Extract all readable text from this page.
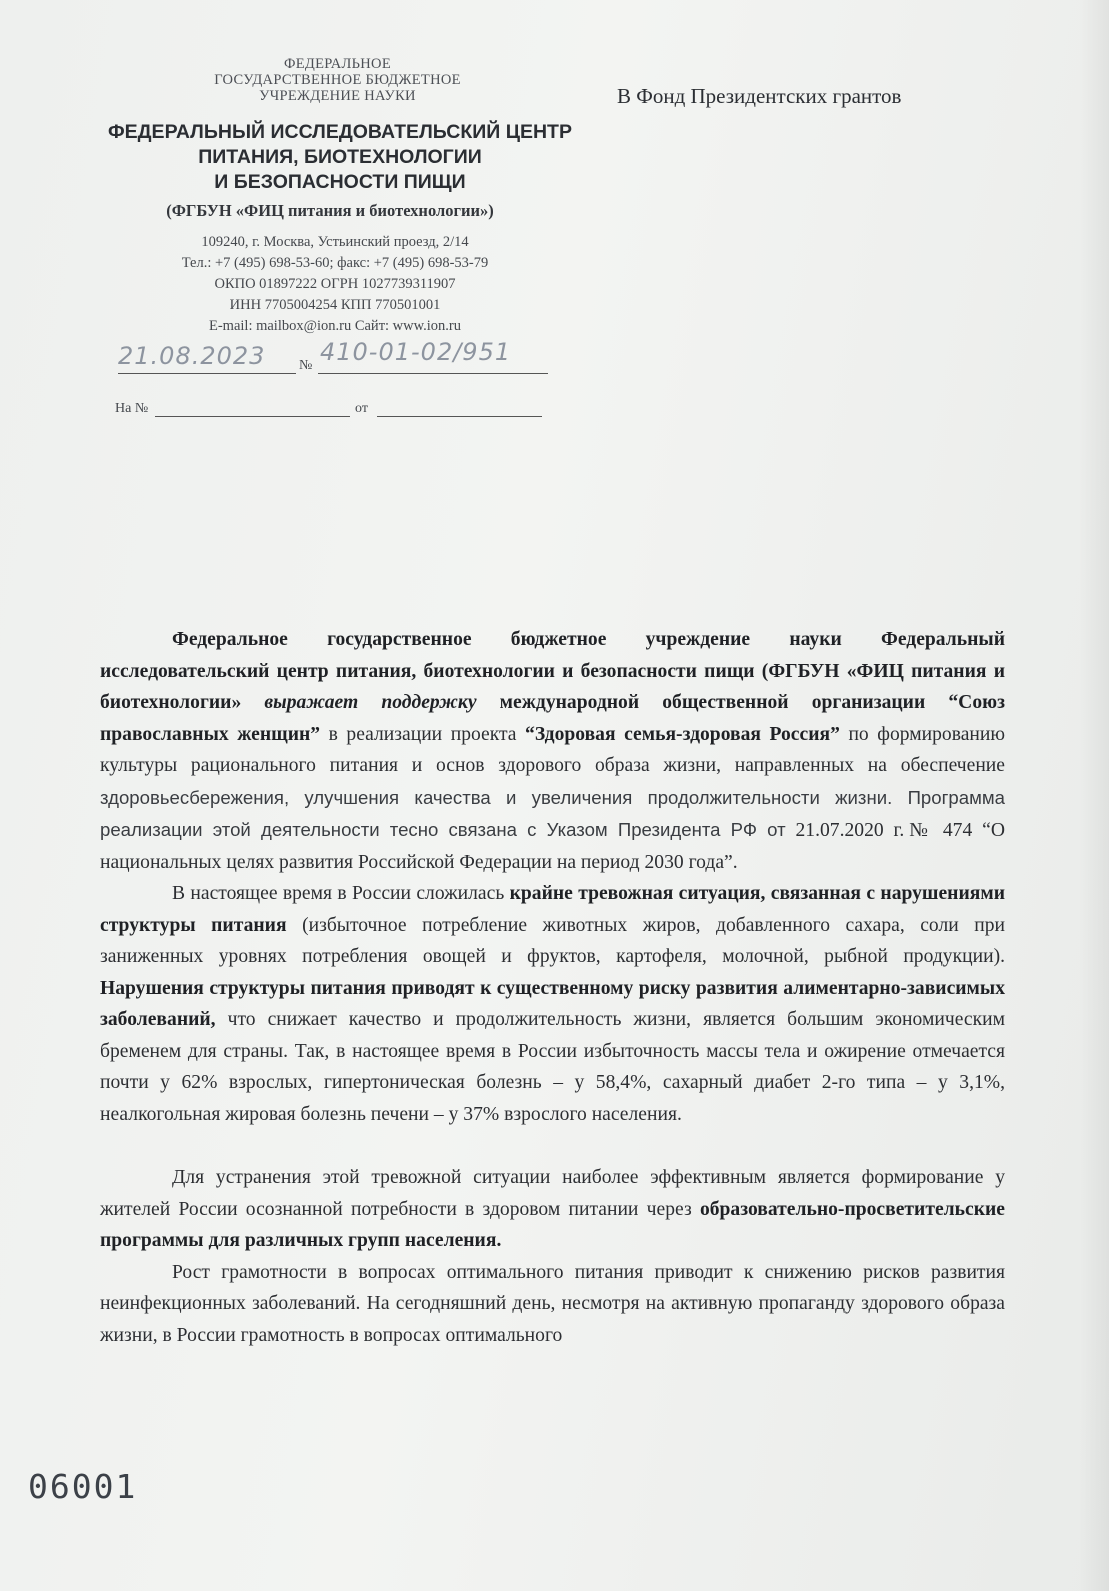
ФЕДЕРАЛЬНОЕ
ГОСУДАРСТВЕННОЕ БЮДЖЕТНОЕ
УЧРЕЖДЕНИЕ НАУКИ
ФЕДЕРАЛЬНЫЙ ИССЛЕДОВАТЕЛЬСКИЙ ЦЕНТР
ПИТАНИЯ, БИОТЕХНОЛОГИИ
И БЕЗОПАСНОСТИ ПИЩИ
(ФГБУН «ФИЦ питания и биотехнологии»)
109240, г. Москва, Устьинский проезд, 2/14
Тел.: +7 (495) 698-53-60; факс: +7 (495) 698-53-79
ОКПО 01897222 ОГРН 1027739311907
ИНН 7705004254 КПП 770501001
E-mail: mailbox@ion.ru Сайт: www.ion.ru
21.08.2023	№ 410-01-02/951
На №	от
В Фонд Президентских грантов

Федеральное государственное бюджетное учреждение науки Федеральный исследовательский центр питания, биотехнологии и безопасности пищи (ФГБУН «ФИЦ питания и биотехнологии» выражает поддержку международной общественной организации “Союз православных женщин” в реализации проекта “Здоровая семья-здоровая Россия” по формированию культуры рационального питания и основ здорового образа жизни, направленных на обеспечение здоровьесбережения, улучшения качества и увеличения продолжительности жизни. Программа реализации этой деятельности тесно связана с Указом Президента РФ от 21.07.2020 г.№ 474 “О национальных целях развития Российской Федерации на период 2030 года”.

В настоящее время в России сложилась крайне тревожная ситуация, связанная с нарушениями структуры питания (избыточное потребление животных жиров, добавленного сахара, соли при заниженных уровнях потребления овощей и фруктов, картофеля, молочной, рыбной продукции). Нарушения структуры питания приводят к существенному риску развития алиментарно-зависимых заболеваний, что снижает качество и продолжительность жизни, является большим экономическим бременем для страны. Так, в настоящее время в России избыточность массы тела и ожирение отмечается почти у 62% взрослых, гипертоническая болезнь – у 58,4%, сахарный диабет 2-го типа – у 3,1%, неалкогольная жировая болезнь печени – у 37% взрослого населения.

Для устранения этой тревожной ситуации наиболее эффективным является формирование у жителей России осознанной потребности в здоровом питании через образовательно-просветительские программы для различных групп населения.

Рост грамотности в вопросах оптимального питания приводит к снижению рисков развития неинфекционных заболеваний. На сегодняшний день, несмотря на активную пропаганду здорового образа жизни, в России грамотность в вопросах оптимального

06001
